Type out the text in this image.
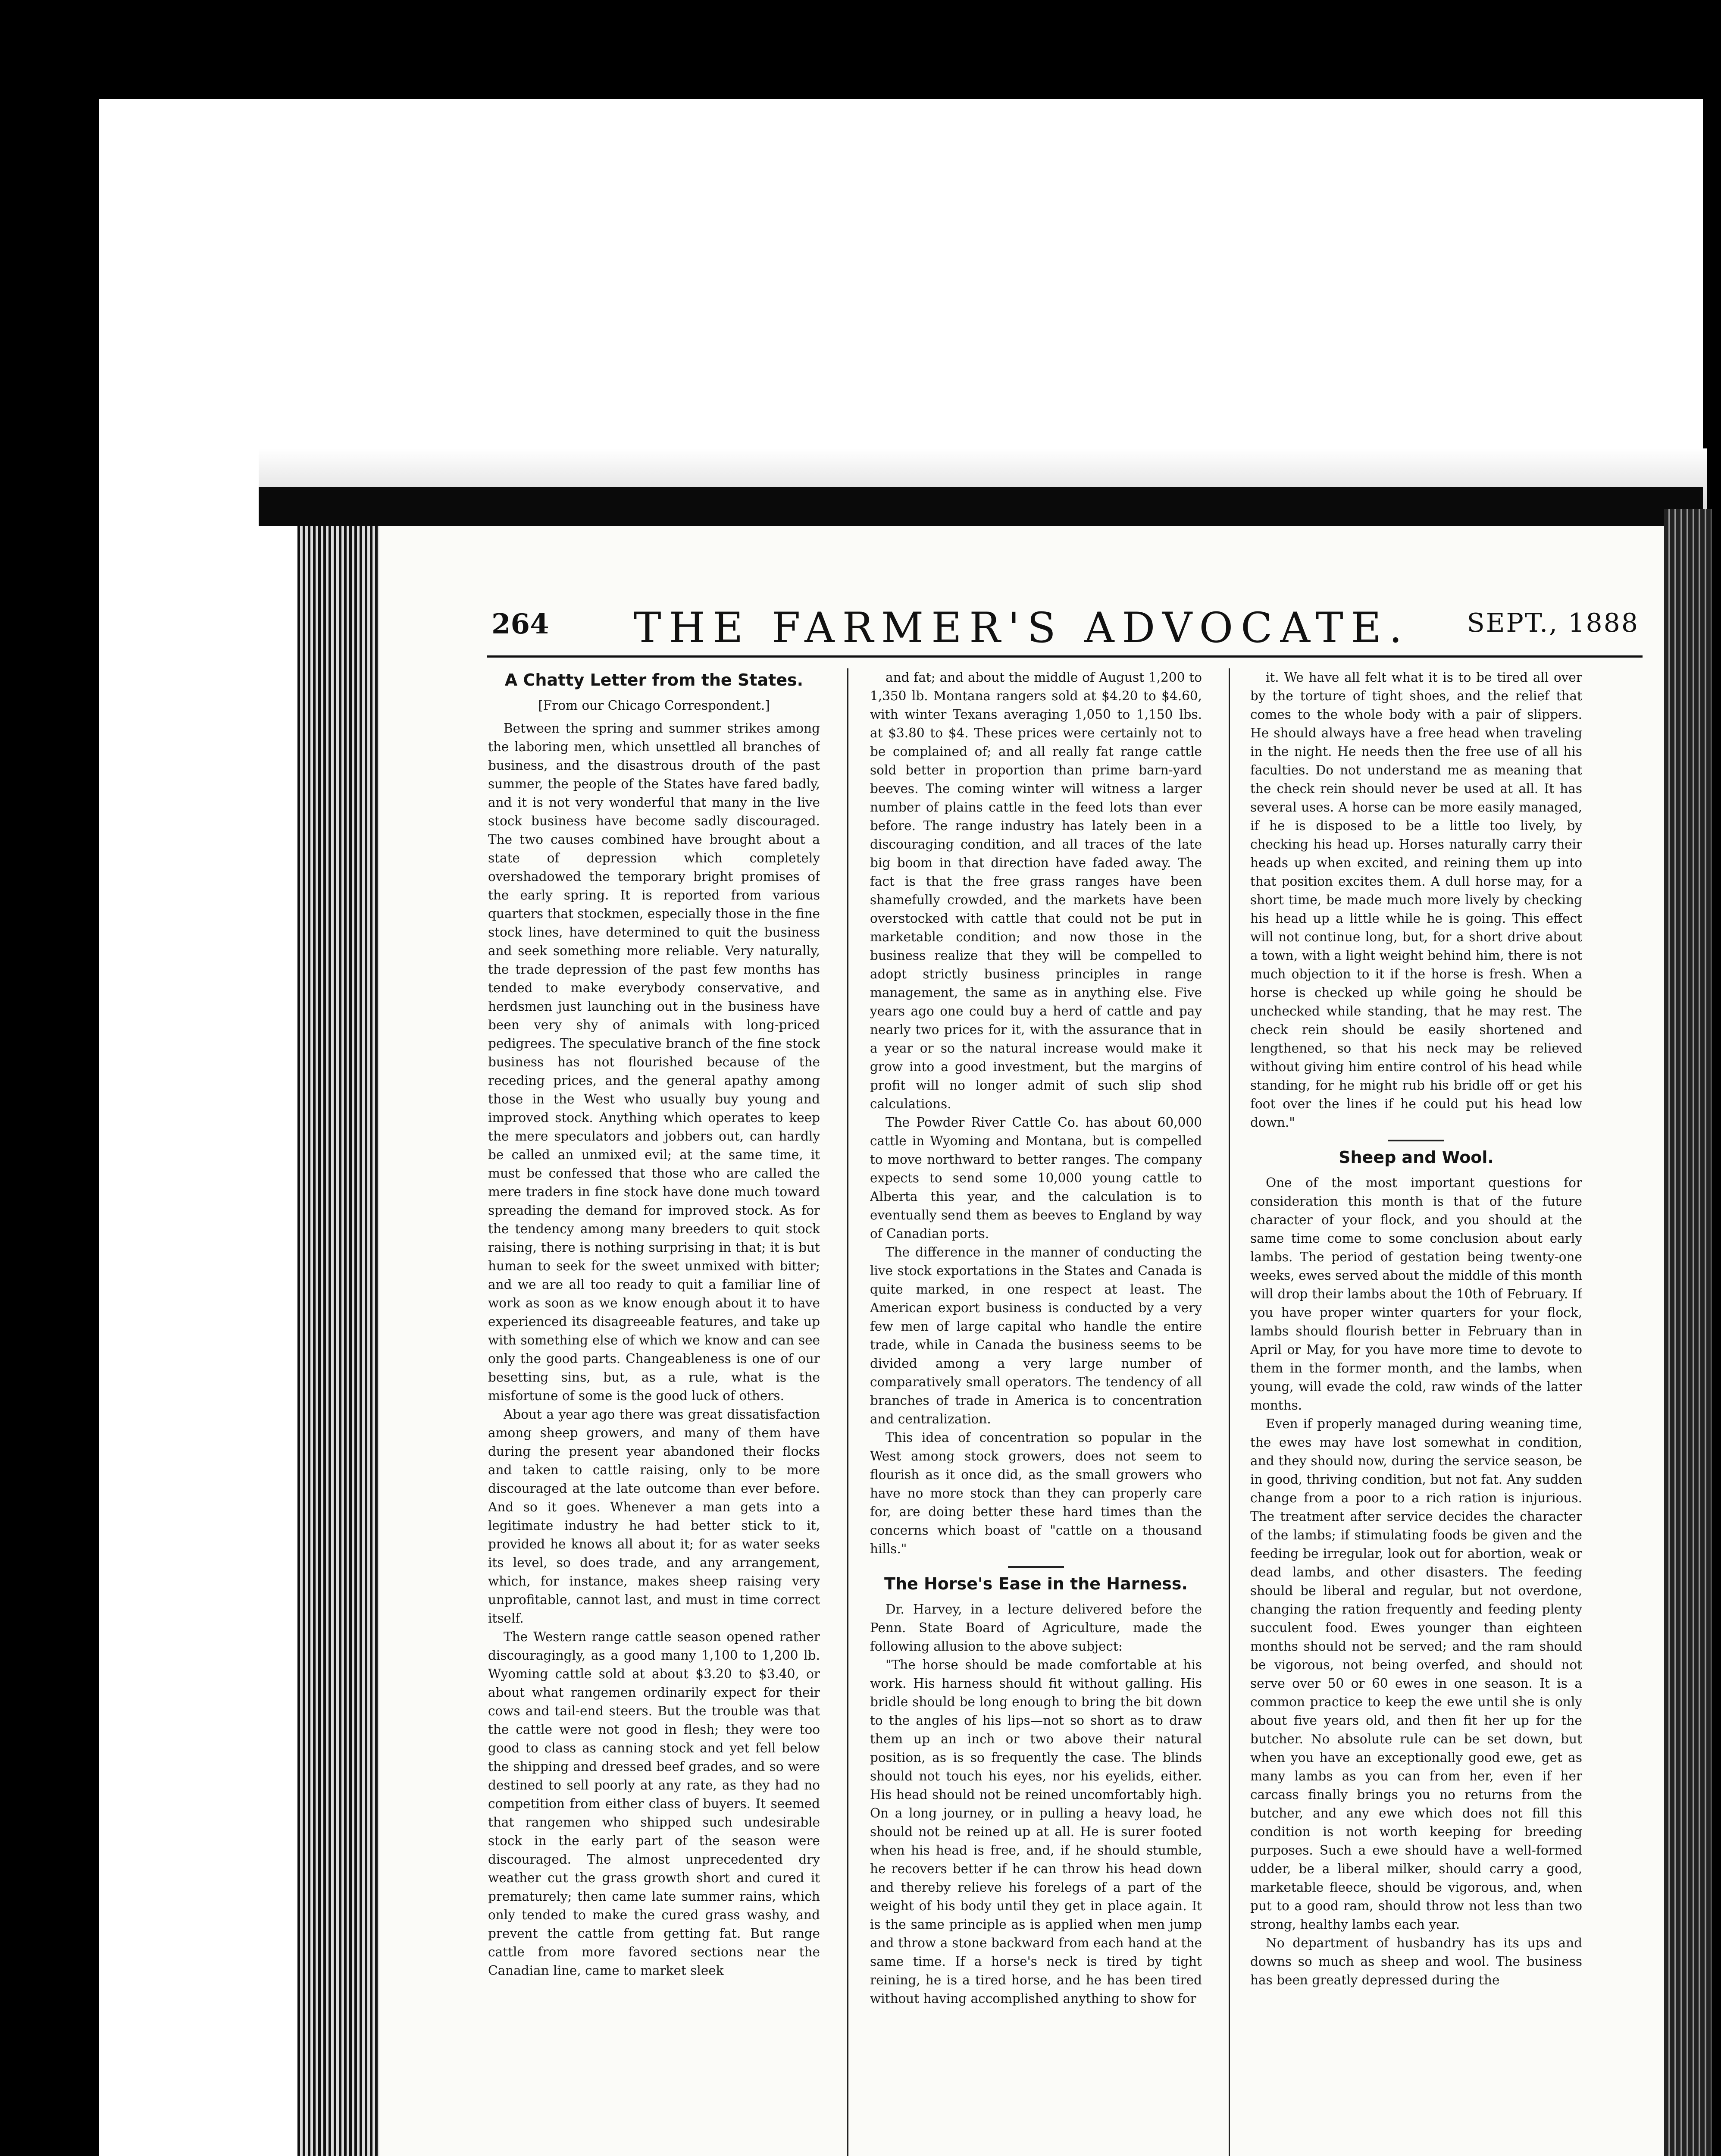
264	THE FARMER'S ADVOCATE.	SEPT., 1888
A Chatty Letter from the States.

[From our Chicago Correspondent.]

Between the spring and summer strikes among the laboring men, which unsettled all branches of business, and the disastrous drouth of the past summer, the people of the States have fared badly, and it is not very wonderful that many in the live stock business have become sadly discouraged. The two causes combined have brought about a state of depression which completely overshadowed the temporary bright promises of the early spring. It is reported from various quarters that stockmen, especially those in the fine stock lines, have determined to quit the business and seek something more reliable. Very naturally, the trade depression of the past few months has tended to make everybody conservative, and herdsmen just launching out in the business have been very shy of animals with long-priced pedigrees. The speculative branch of the fine stock business has not flourished because of the receding prices, and the general apathy among those in the West who usually buy young and improved stock. Anything which operates to keep the mere speculators and jobbers out, can hardly be called an unmixed evil; at the same time, it must be confessed that those who are called the mere traders in fine stock have done much toward spreading the demand for improved stock. As for the tendency among many breeders to quit stock raising, there is nothing surprising in that; it is but human to seek for the sweet unmixed with bitter; and we are all too ready to quit a familiar line of work as soon as we know enough about it to have experienced its disagreeable features, and take up with something else of which we know and can see only the good parts. Changeableness is one of our besetting sins, but, as a rule, what is the misfortune of some is the good luck of others.

About a year ago there was great dissatisfaction among sheep growers, and many of them have during the present year abandoned their flocks and taken to cattle raising, only to be more discouraged at the late outcome than ever before. And so it goes. Whenever a man gets into a legitimate industry he had better stick to it, provided he knows all about it; for as water seeks its level, so does trade, and any arrangement, which, for instance, makes sheep raising very unprofitable, cannot last, and must in time correct itself.

The Western range cattle season opened rather discouragingly, as a good many 1,100 to 1,200 lb. Wyoming cattle sold at about $3.20 to $3.40, or about what rangemen ordinarily expect for their cows and tail-end steers. But the trouble was that the cattle were not good in flesh; they were too good to class as canning stock and yet fell below the shipping and dressed beef grades, and so were destined to sell poorly at any rate, as they had no competition from either class of buyers. It seemed that rangemen who shipped such undesirable stock in the early part of the season were discouraged. The almost unprecedented dry weather cut the grass growth short and cured it prematurely; then came late summer rains, which only tended to make the cured grass washy, and prevent the cattle from getting fat. But range cattle from more favored sections near the Canadian line, came to market sleek

and fat; and about the middle of August 1,200 to 1,350 lb. Montana rangers sold at $4.20 to $4.60, with winter Texans averaging 1,050 to 1,150 lbs. at $3.80 to $4. These prices were certainly not to be complained of; and all really fat range cattle sold better in proportion than prime barn-yard beeves. The coming winter will witness a larger number of plains cattle in the feed lots than ever before. The range industry has lately been in a discouraging condition, and all traces of the late big boom in that direction have faded away. The fact is that the free grass ranges have been shamefully crowded, and the markets have been overstocked with cattle that could not be put in marketable condition; and now those in the business realize that they will be compelled to adopt strictly business principles in range management, the same as in anything else. Five years ago one could buy a herd of cattle and pay nearly two prices for it, with the assurance that in a year or so the natural increase would make it grow into a good investment, but the margins of profit will no longer admit of such slip shod calculations.

The Powder River Cattle Co. has about 60,000 cattle in Wyoming and Montana, but is compelled to move northward to better ranges. The company expects to send some 10,000 young cattle to Alberta this year, and the calculation is to eventually send them as beeves to England by way of Canadian ports.

The difference in the manner of conducting the live stock exportations in the States and Canada is quite marked, in one respect at least. The American export business is conducted by a very few men of large capital who handle the entire trade, while in Canada the business seems to be divided among a very large number of comparatively small operators. The tendency of all branches of trade in America is to concentration and centralization.

This idea of concentration so popular in the West among stock growers, does not seem to flourish as it once did, as the small growers who have no more stock than they can properly care for, are doing better these hard times than the concerns which boast of "cattle on a thousand hills."

The Horse's Ease in the Harness.

Dr. Harvey, in a lecture delivered before the Penn. State Board of Agriculture, made the following allusion to the above subject:

"The horse should be made comfortable at his work. His harness should fit without galling. His bridle should be long enough to bring the bit down to the angles of his lips—not so short as to draw them up an inch or two above their natural position, as is so frequently the case. The blinds should not touch his eyes, nor his eyelids, either. His head should not be reined uncomfortably high. On a long journey, or in pulling a heavy load, he should not be reined up at all. He is surer footed when his head is free, and, if he should stumble, he recovers better if he can throw his head down and thereby relieve his forelegs of a part of the weight of his body until they get in place again. It is the same principle as is applied when men jump and throw a stone backward from each hand at the same time. If a horse's neck is tired by tight reining, he is a tired horse, and he has been tired without having accomplished anything to show for

it. We have all felt what it is to be tired all over by the torture of tight shoes, and the relief that comes to the whole body with a pair of slippers. He should always have a free head when traveling in the night. He needs then the free use of all his faculties. Do not understand me as meaning that the check rein should never be used at all. It has several uses. A horse can be more easily managed, if he is disposed to be a little too lively, by checking his head up. Horses naturally carry their heads up when excited, and reining them up into that position excites them. A dull horse may, for a short time, be made much more lively by checking his head up a little while he is going. This effect will not continue long, but, for a short drive about a town, with a light weight behind him, there is not much objection to it if the horse is fresh. When a horse is checked up while going he should be unchecked while standing, that he may rest. The check rein should be easily shortened and lengthened, so that his neck may be relieved without giving him entire control of his head while standing, for he might rub his bridle off or get his foot over the lines if he could put his head low down."

Sheep and Wool.

One of the most important questions for consideration this month is that of the future character of your flock, and you should at the same time come to some conclusion about early lambs. The period of gestation being twenty-one weeks, ewes served about the middle of this month will drop their lambs about the 10th of February. If you have proper winter quarters for your flock, lambs should flourish better in February than in April or May, for you have more time to devote to them in the former month, and the lambs, when young, will evade the cold, raw winds of the latter months.

Even if properly managed during weaning time, the ewes may have lost somewhat in condition, and they should now, during the service season, be in good, thriving condition, but not fat. Any sudden change from a poor to a rich ration is injurious. The treatment after service decides the character of the lambs; if stimulating foods be given and the feeding be irregular, look out for abortion, weak or dead lambs, and other disasters. The feeding should be liberal and regular, but not overdone, changing the ration frequently and feeding plenty succulent food. Ewes younger than eighteen months should not be served; and the ram should be vigorous, not being overfed, and should not serve over 50 or 60 ewes in one season. It is a common practice to keep the ewe until she is only about five years old, and then fit her up for the butcher. No absolute rule can be set down, but when you have an exceptionally good ewe, get as many lambs as you can from her, even if her carcass finally brings you no returns from the butcher, and any ewe which does not fill this condition is not worth keeping for breeding purposes. Such a ewe should have a well-formed udder, be a liberal milker, should carry a good, marketable fleece, should be vigorous, and, when put to a good ram, should throw not less than two strong, healthy lambs each year.

No department of husbandry has its ups and downs so much as sheep and wool. The business has been greatly depressed during the
